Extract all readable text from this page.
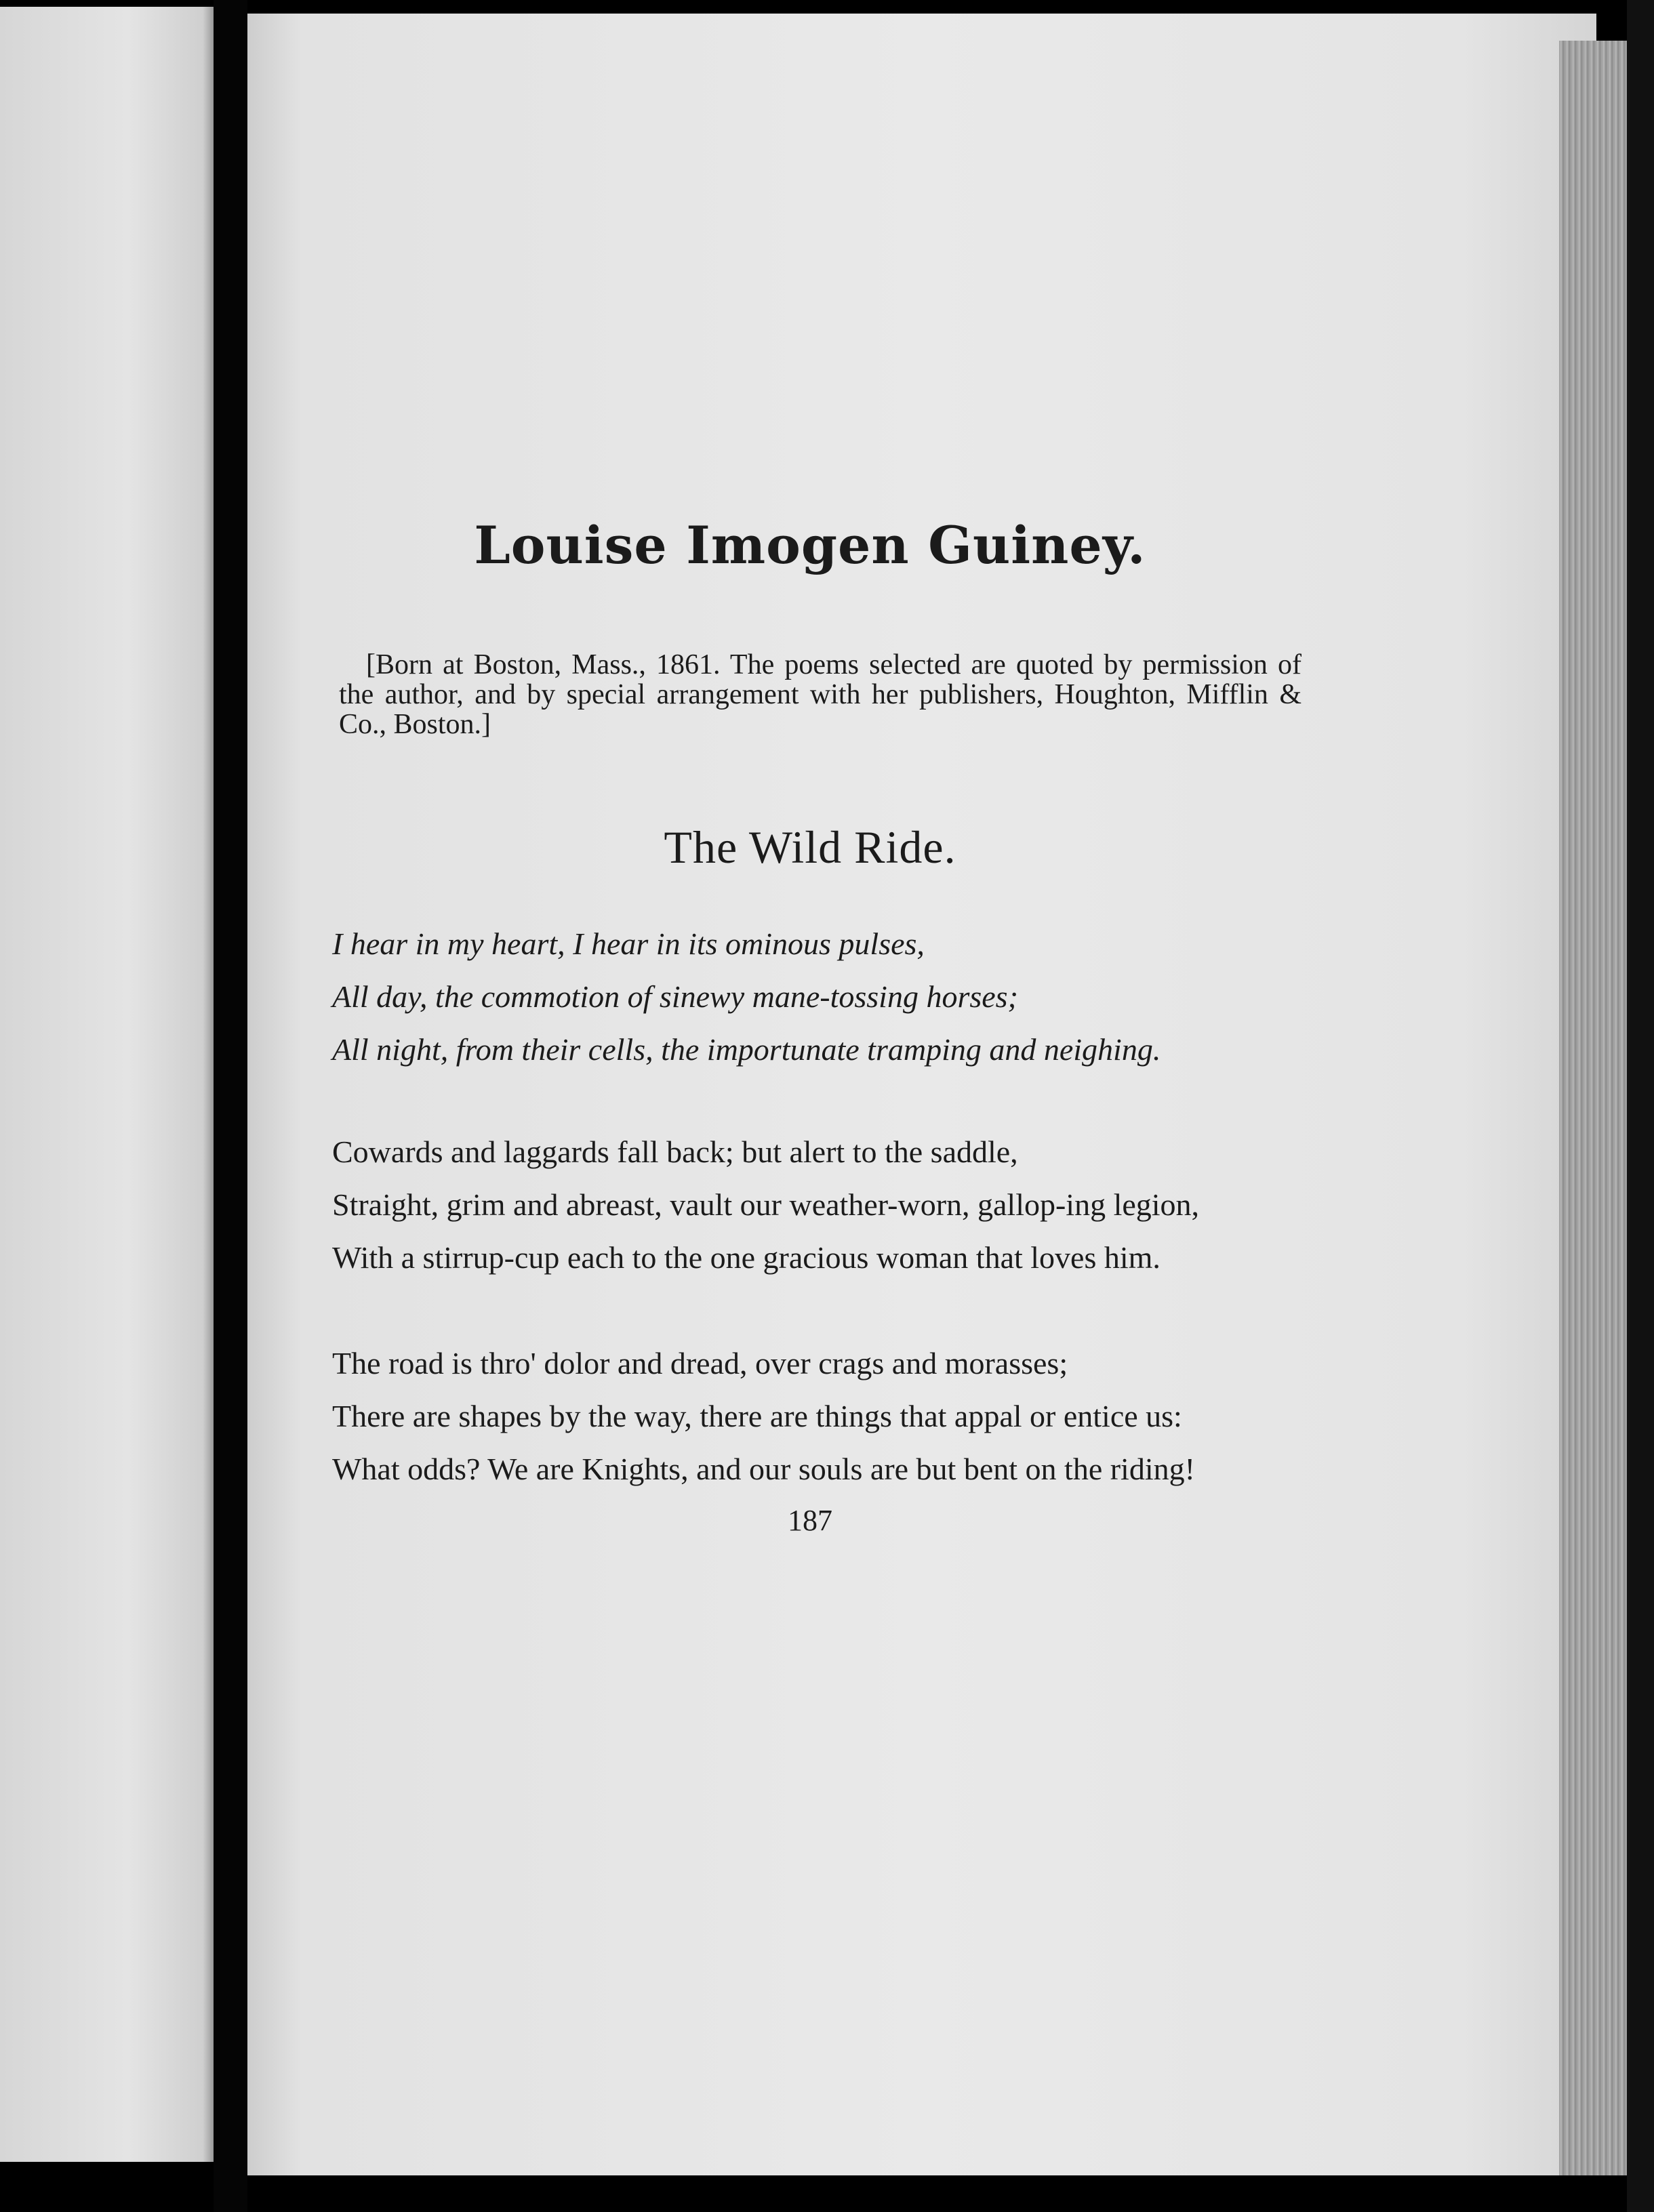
Louise Imogen Guiney.

[Born at Boston, Mass., 1861. The poems selected are quoted by permission of the author, and by special arrangement with her publishers, Houghton, Mifflin & Co., Boston.]

The Wild Ride.
I hear in my heart, I hear in its ominous pulses,
All day, the commotion of sinewy mane-tossing horses;
All night, from their cells, the importunate tramping and neighing.
Cowards and laggards fall back; but alert to the saddle,
Straight, grim and abreast, vault our weather-worn, gallop-ing legion,
With a stirrup-cup each to the one gracious woman that loves him.
The road is thro' dolor and dread, over crags and morasses;
There are shapes by the way, there are things that appal or entice us:
What odds? We are Knights, and our souls are but bent on the riding!
187
